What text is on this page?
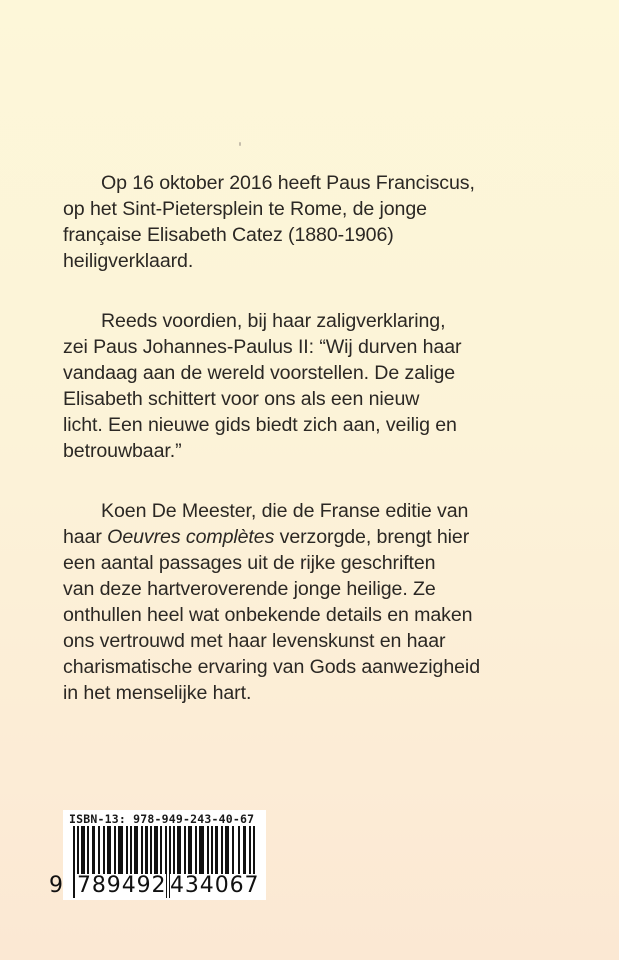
Op 16 oktober 2016 heeft Paus Franciscus,
op het Sint-Pietersplein te Rome, de jonge
française Elisabeth Catez (1880-1906)
heiligverklaard.

Reeds voordien, bij haar zaligverklaring,
zei Paus Johannes-Paulus II: “Wij durven haar
vandaag aan de wereld voorstellen. De zalige
Elisabeth schittert voor ons als een nieuw
licht. Een nieuwe gids biedt zich aan, veilig en
betrouwbaar.”

Koen De Meester, die de Franse editie van
haar Oeuvres complètes verzorgde, brengt hier
een aantal passages uit de rijke geschriften
van deze hartveroverende jonge heilige. Ze
onthullen heel wat onbekende details en maken
ons vertrouwd met haar levenskunst en haar
charismatische ervaring van Gods aanwezigheid
in het menselijke hart.

ISBN-13: 978-949-243-40-67
9 789492 434067
